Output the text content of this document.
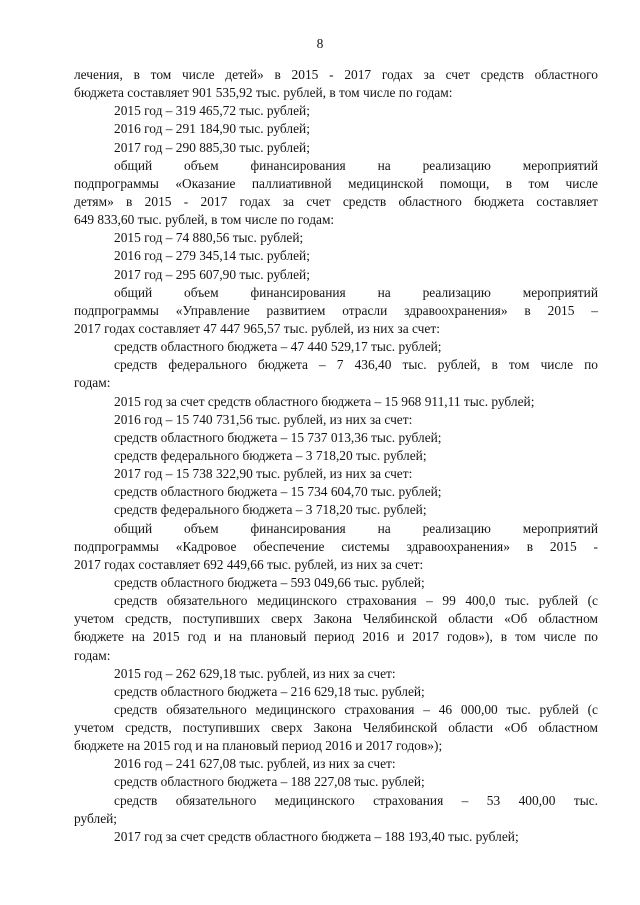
8
лечения, в том числе детей» в 2015 - 2017 годах за счет средств областного
бюджета составляет 901 535,92 тыс. рублей, в том числе по годам:
2015 год – 319 465,72 тыс. рублей;
2016 год – 291 184,90 тыс. рублей;
2017 год – 290 885,30 тыс. рублей;
общий объем финансирования на реализацию мероприятий
подпрограммы «Оказание паллиативной медицинской помощи, в том числе
детям» в 2015 - 2017 годах за счет средств областного бюджета составляет
649 833,60 тыс. рублей, в том числе по годам:
2015 год – 74 880,56 тыс. рублей;
2016 год – 279 345,14 тыс. рублей;
2017 год – 295 607,90 тыс. рублей;
общий объем финансирования на реализацию мероприятий
подпрограммы «Управление развитием отрасли здравоохранения» в 2015 –
2017 годах составляет 47 447 965,57 тыс. рублей, из них за счет:
средств областного бюджета – 47 440 529,17 тыс. рублей;
средств федерального бюджета – 7 436,40 тыс. рублей, в том числе по
годам:
2015 год за счет средств областного бюджета – 15 968 911,11 тыс. рублей;
2016 год – 15 740 731,56 тыс. рублей, из них за счет:
средств областного бюджета – 15 737 013,36 тыс. рублей;
средств федерального бюджета – 3 718,20 тыс. рублей;
2017 год – 15 738 322,90 тыс. рублей, из них за счет:
средств областного бюджета – 15 734 604,70 тыс. рублей;
средств федерального бюджета – 3 718,20 тыс. рублей;
общий объем финансирования на реализацию мероприятий
подпрограммы «Кадровое обеспечение системы здравоохранения» в 2015 -
2017 годах составляет 692 449,66 тыс. рублей, из них за счет:
средств областного бюджета – 593 049,66 тыс. рублей;
средств обязательного медицинского страхования – 99 400,0 тыс. рублей (с
учетом средств, поступивших сверх Закона Челябинской области «Об областном
бюджете на 2015 год и на плановый период 2016 и 2017 годов»), в том числе по
годам:
2015 год – 262 629,18 тыс. рублей, из них за счет:
средств областного бюджета – 216 629,18 тыс. рублей;
средств обязательного медицинского страхования – 46 000,00 тыс. рублей (с
учетом средств, поступивших сверх Закона Челябинской области «Об областном
бюджете на 2015 год и на плановый период 2016 и 2017 годов»);
2016 год – 241 627,08 тыс. рублей, из них за счет:
средств областного бюджета – 188 227,08 тыс. рублей;
средств обязательного медицинского страхования – 53 400,00 тыс.
рублей;
2017 год за счет средств областного бюджета – 188 193,40 тыс. рублей;
